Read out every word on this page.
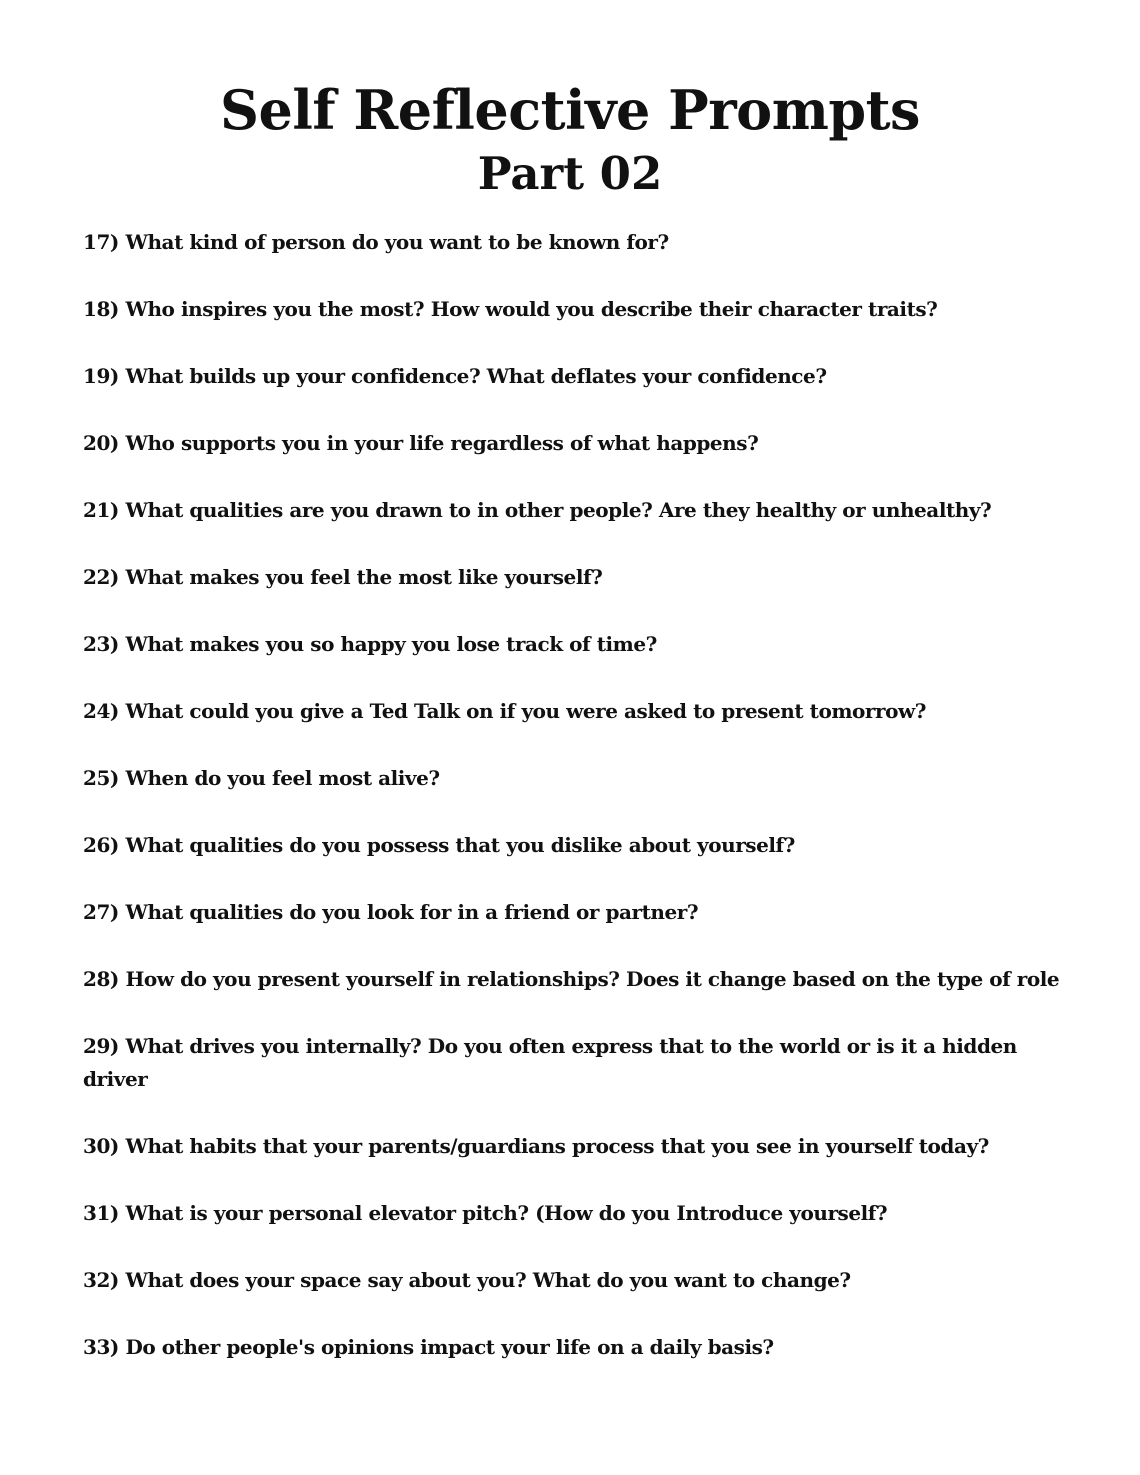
Self Reflective Prompts
Part 02
17) What kind of person do you want to be known for?
18) Who inspires you the most? How would you describe their character traits?
19) What builds up your confidence? What deflates your confidence?
20) Who supports you in your life regardless of what happens?
21) What qualities are you drawn to in other people? Are they healthy or unhealthy?
22) What makes you feel the most like yourself?
23) What makes you so happy you lose track of time?
24) What could you give a Ted Talk on if you were asked to present tomorrow?
25) When do you feel most alive?
26) What qualities do you possess that you dislike about yourself?
27) What qualities do you look for in a friend or partner?
28) How do you present yourself in relationships? Does it change based on the type of role
29) What drives you internally? Do you often express that to the world or is it a hidden driver
30) What habits that your parents/guardians process that you see in yourself today?
31) What is your personal elevator pitch? (How do you Introduce yourself?
32) What does your space say about you? What do you want to change?
33) Do other people's opinions impact your life on a daily basis?
